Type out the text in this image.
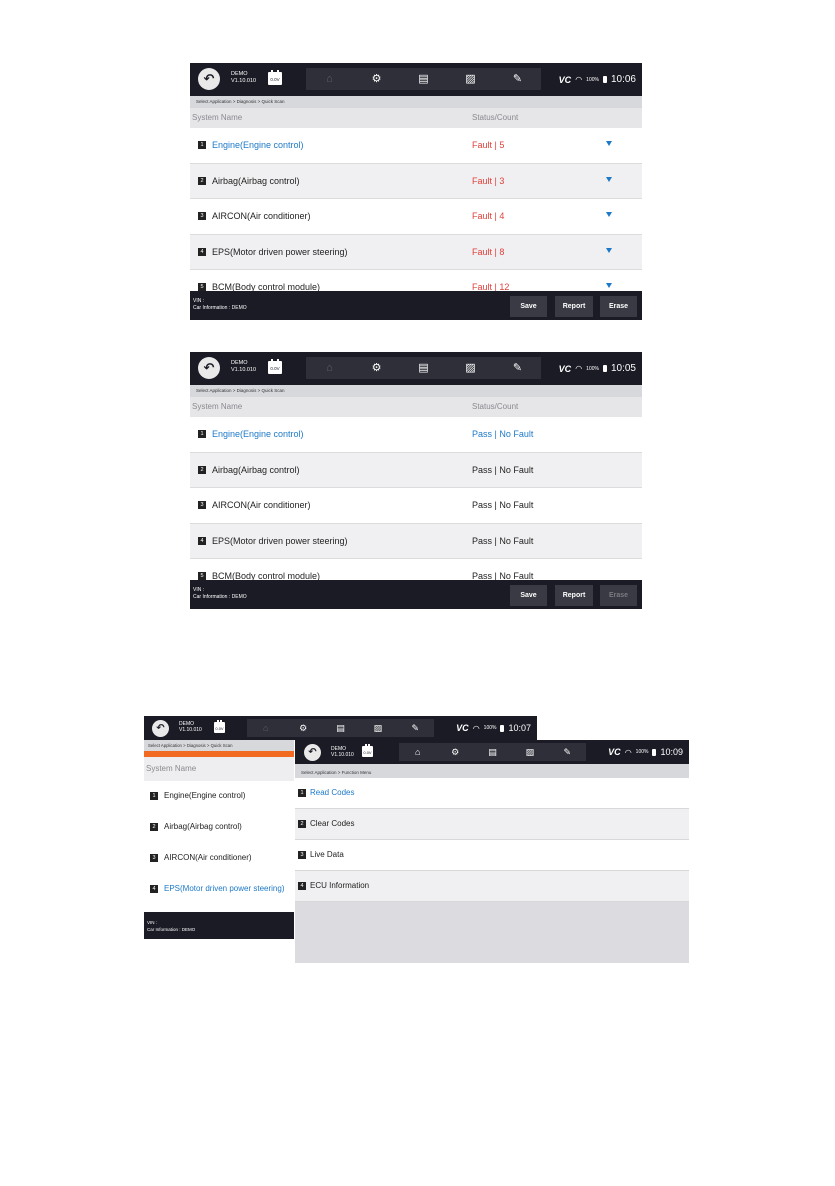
↶	DEMO
V1.10.010	0.0V	⌂	⚙	▤	▨	✎	VC ◠ 100% 10:06
Select Application > Diagnosis > Quick Scan
System Name	Status/Count
1 Engine(Engine control)	Fault | 5
2 Airbag(Airbag control)	Fault | 3
3 AIRCON(Air conditioner)	Fault | 4
4 EPS(Motor driven power steering)	Fault | 8
5 BCM(Body control module)	Fault | 12
VIN :
Car Information : DEMO	Save	Report	Erase
↶	DEMO
V1.10.010	0.0V	⌂	⚙	▤	▨	✎	VC ◠ 100% 10:05
Select Application > Diagnosis > Quick Scan
System Name	Status/Count
1 Engine(Engine control)	Pass | No Fault
2 Airbag(Airbag control)	Pass | No Fault
3 AIRCON(Air conditioner)	Pass | No Fault
4 EPS(Motor driven power steering)	Pass | No Fault
5 BCM(Body control module)	Pass | No Fault
VIN :
Car Information : DEMO	Save	Report	Erase
↶	DEMO
V1.10.010	0.0V	⌂	⚙	▤	▨	✎	VC ◠ 100% 10:07
Select Application > Diagnosis > Quick Scan
System Name
1	Engine(Engine control)
2	Airbag(Airbag control)
3	AIRCON(Air conditioner)
4	EPS(Motor driven power steering)
VIN :
Car Information : DEMO
↶	DEMO
V1.10.010	0.0V	⌂	⚙	▤	▨	✎	VC ◠ 100% 10:09
Select Application > Function Menu
1 Read Codes
2 Clear Codes
3 Live Data
4 ECU Information
